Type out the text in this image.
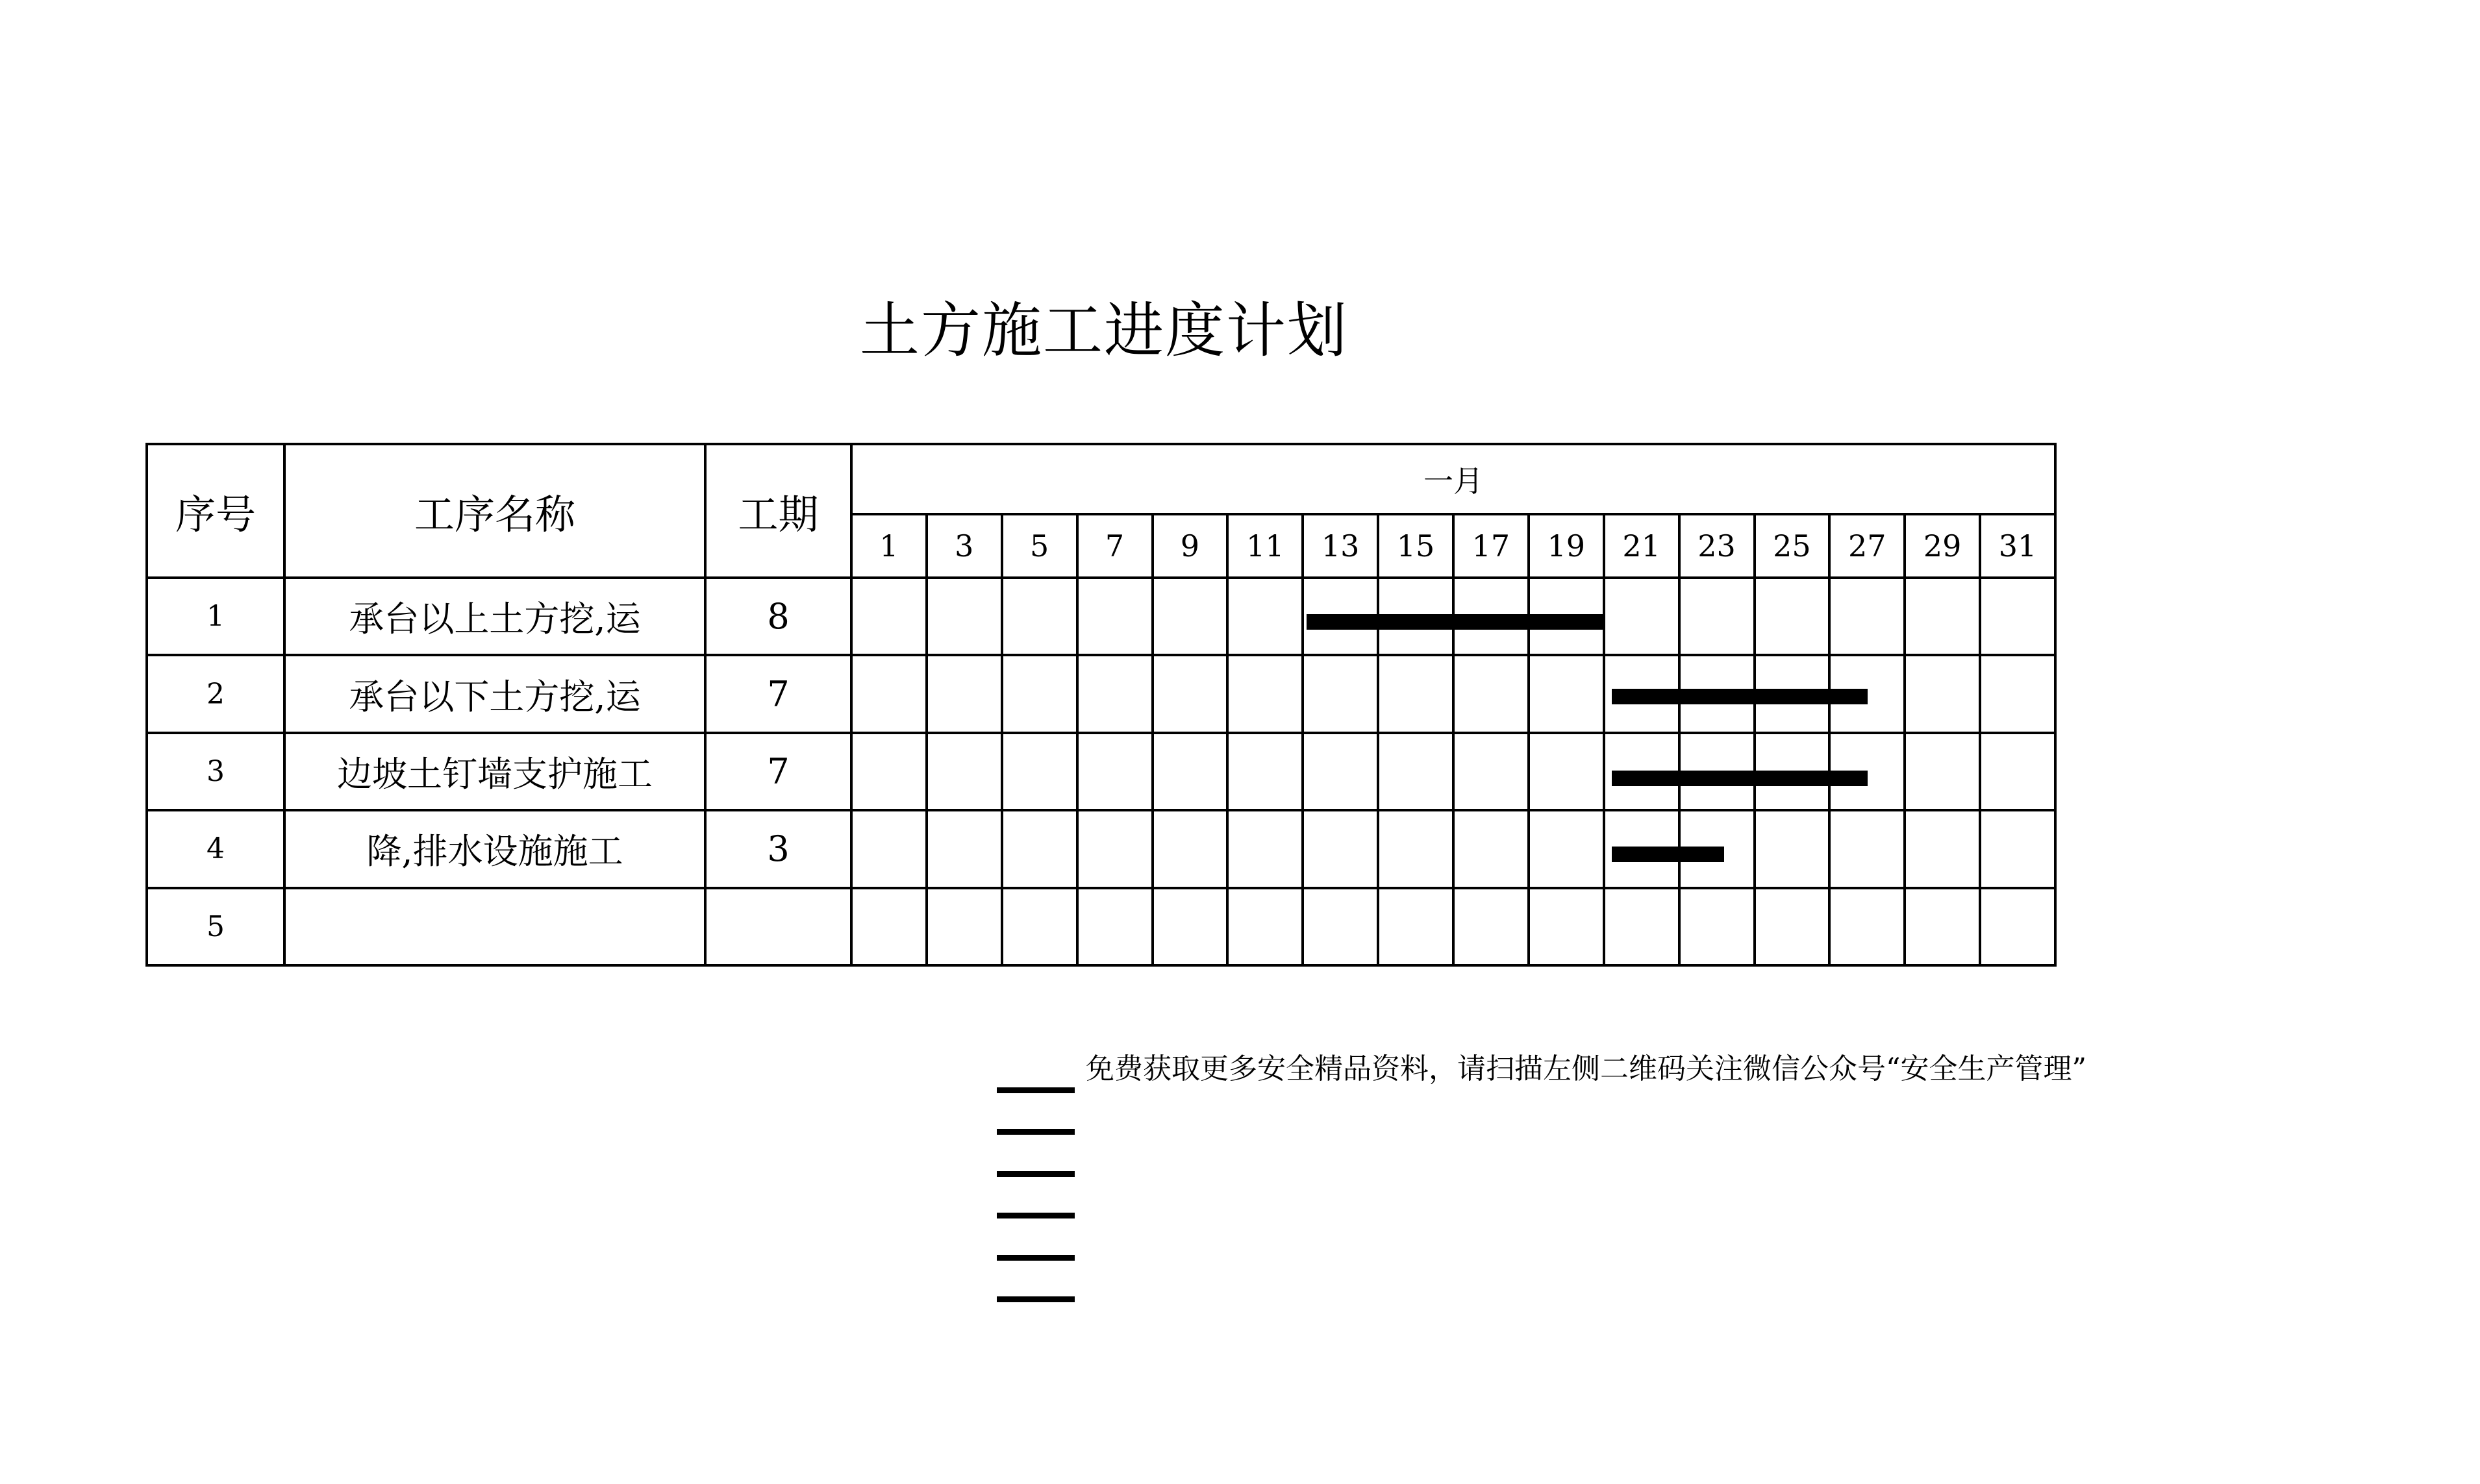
土方施工进度计划
序号	工序名称	工期
一月
1	3	5	7	9	11	13	15	17	19	21	23	25	27	29	31
1	承台以上土方挖,运	8
2	承台以下土方挖,运	7
3	边坡土钉墙支护施工	7
4	降,排水设施施工	3
5
免费获取更多安全精品资料，请扫描左侧二维码关注微信公众号“安全生产管理”
